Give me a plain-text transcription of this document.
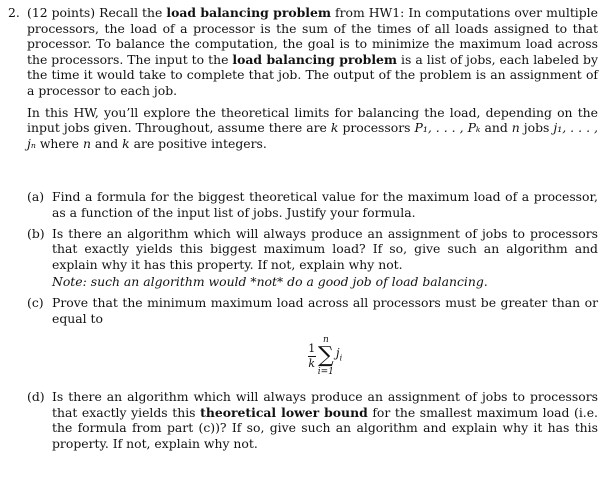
2. (12 points) Recall the load balancing problem from HW1: In computations over multiple processors, the load of a processor is the sum of the times of all loads assigned to that processor. To balance the computation, the goal is to minimize the maximum load across the processors. The input to the load balancing problem is a list of jobs, each labeled by the time it would take to complete that job. The output of the problem is an assignment of a processor to each job.

In this HW, you’ll explore the theoretical limits for balancing the load, depending on the input jobs given. Throughout, assume there are k processors P₁, . . . , Pₖ and n jobs j₁, . . . , jₙ where n and k are positive integers.

(a) Find a formula for the biggest theoretical value for the maximum load of a processor, as a function of the input list of jobs. Justify your formula.
(b) Is there an algorithm which will always produce an assignment of jobs to processors that exactly yields this biggest maximum load? If so, give such an algorithm and explain why it has this property. If not, explain why not.
Note: such an algorithm would *not* do a good job of load balancing.
(c) Prove that the minimum maximum load across all processors must be greater than or equal to
$\frac{1}{k}$
n
∑
i=1
$j_i$
(d) Is there an algorithm which will always produce an assignment of jobs to processors that exactly yields this theoretical lower bound for the smallest maximum load (i.e. the formula from part (c))? If so, give such an algorithm and explain why it has this property. If not, explain why not.
